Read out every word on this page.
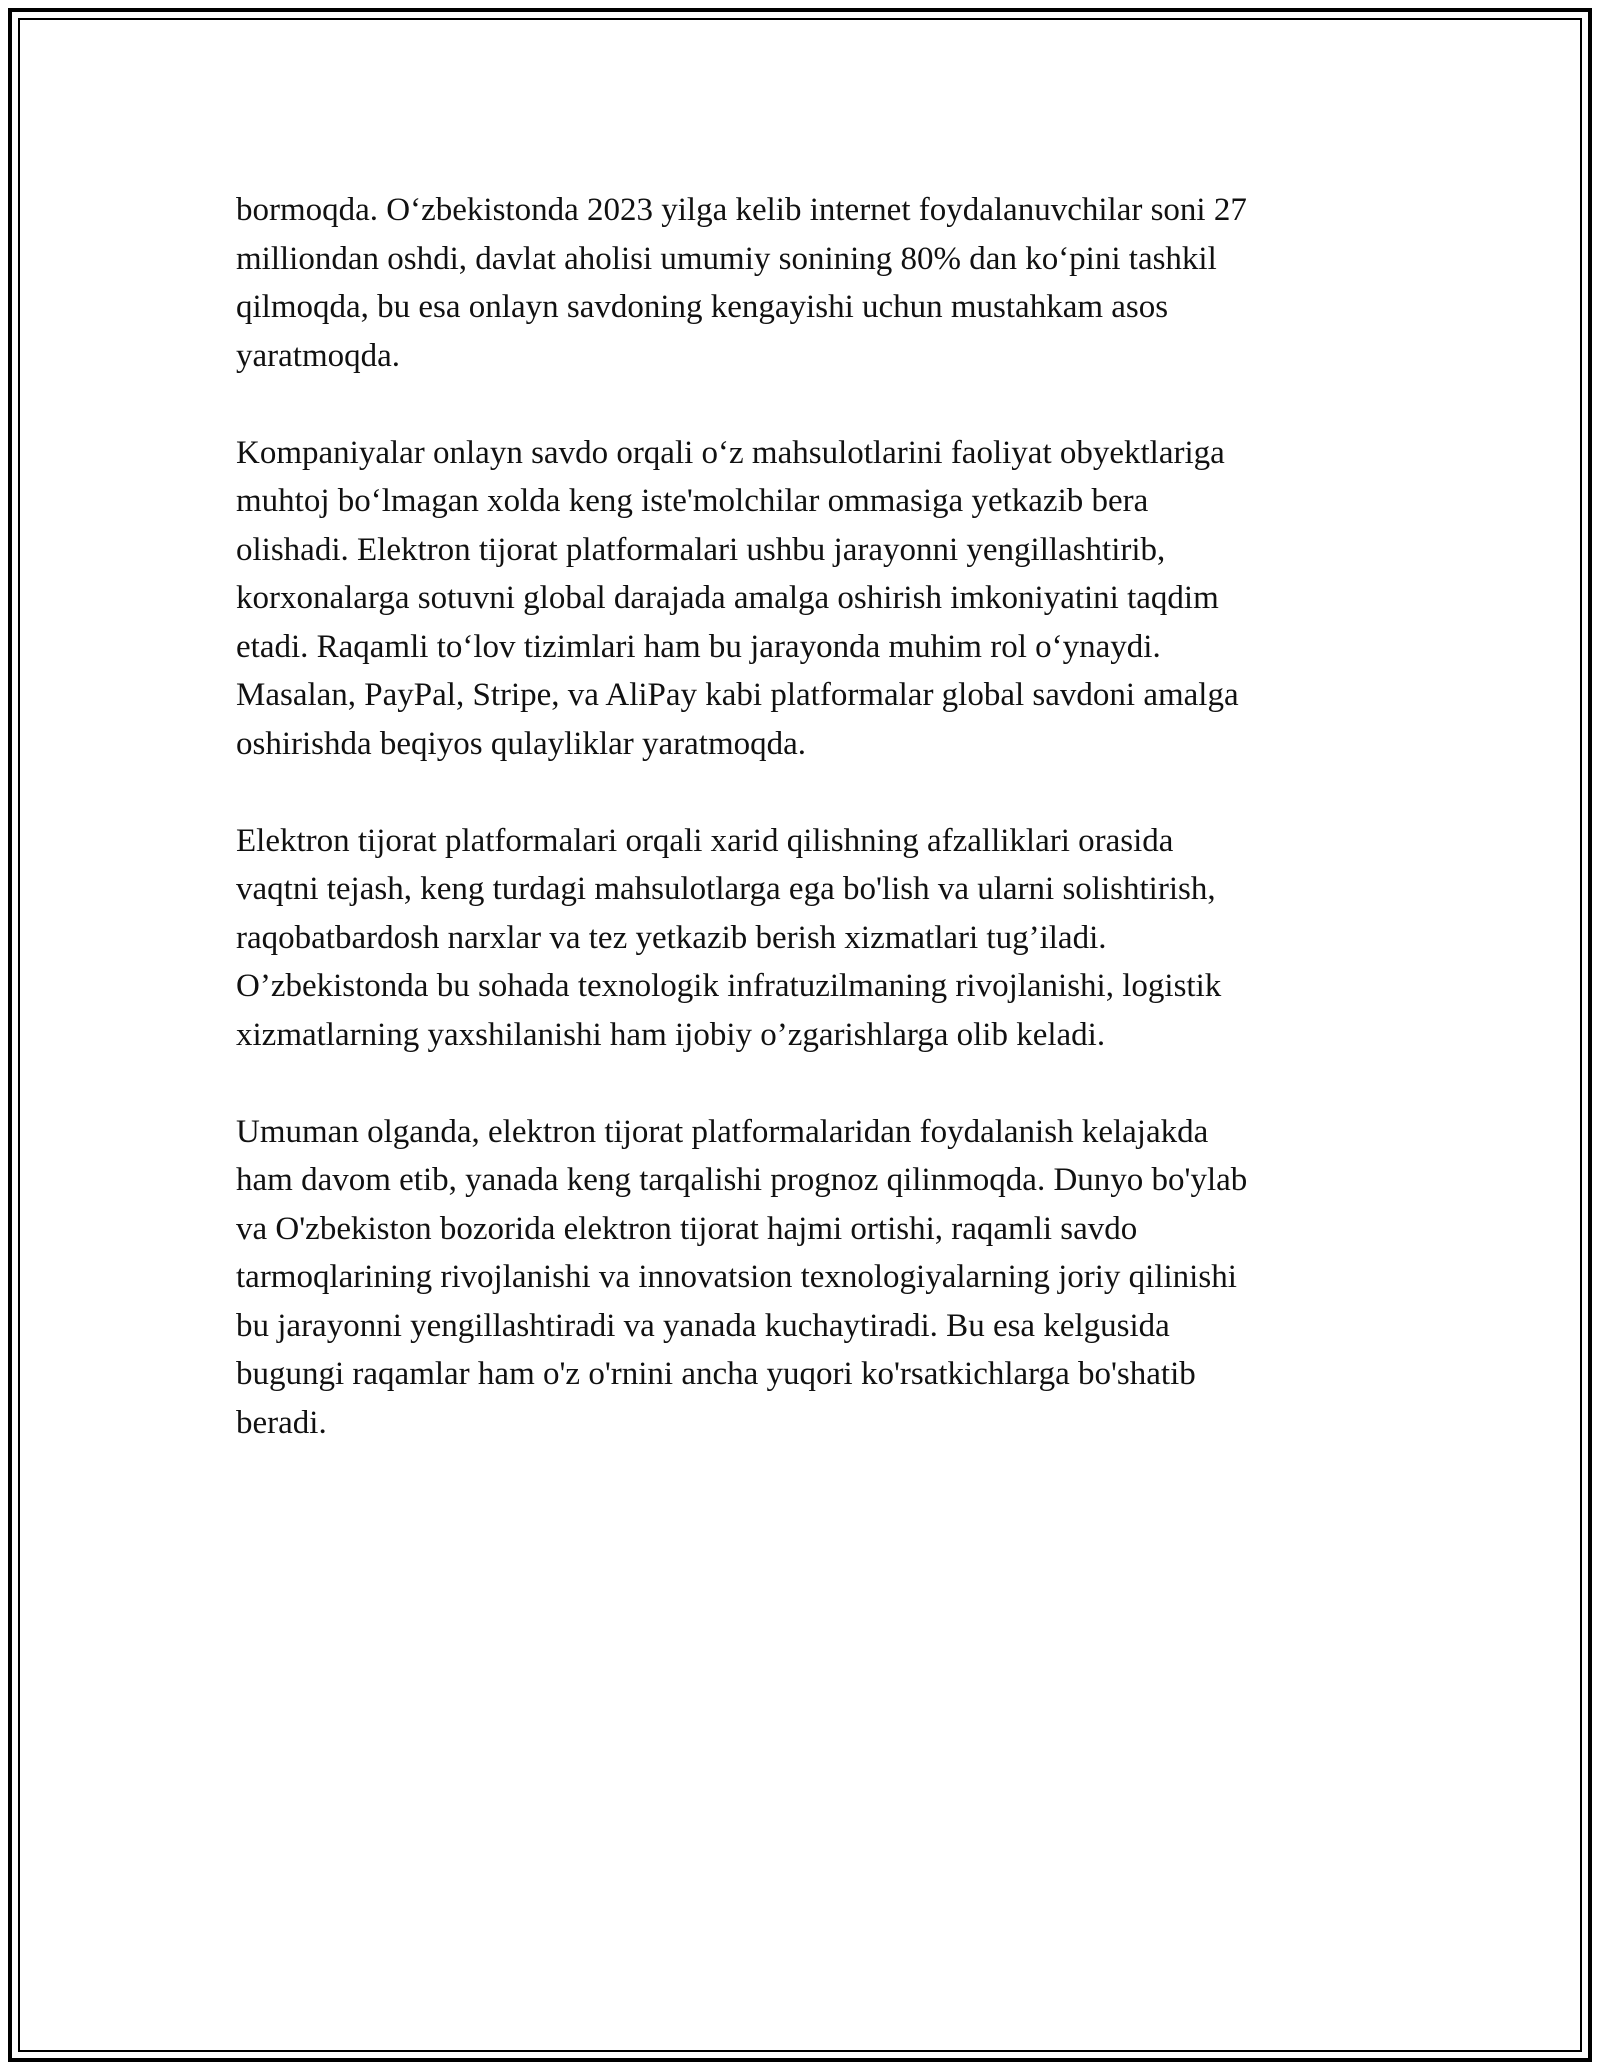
bormoqda. O‘zbekistonda 2023 yilga kelib internet foydalanuvchilar soni 27
milliondan oshdi, davlat aholisi umumiy sonining 80% dan ko‘pini tashkil
qilmoqda, bu esa onlayn savdoning kengayishi uchun mustahkam asos
yaratmoqda.

Kompaniyalar onlayn savdo orqali o‘z mahsulotlarini faoliyat obyektlariga
muhtoj bo‘lmagan xolda keng iste'molchilar ommasiga yetkazib bera
olishadi. Elektron tijorat platformalari ushbu jarayonni yengillashtirib,
korxonalarga sotuvni global darajada amalga oshirish imkoniyatini taqdim
etadi. Raqamli to‘lov tizimlari ham bu jarayonda muhim rol o‘ynaydi.
Masalan, PayPal, Stripe, va AliPay kabi platformalar global savdoni amalga
oshirishda beqiyos qulayliklar yaratmoqda.

Elektron tijorat platformalari orqali xarid qilishning afzalliklari orasida
vaqtni tejash, keng turdagi mahsulotlarga ega bo'lish va ularni solishtirish,
raqobatbardosh narxlar va tez yetkazib berish xizmatlari tug’iladi.
O’zbekistonda bu sohada texnologik infratuzilmaning rivojlanishi, logistik
xizmatlarning yaxshilanishi ham ijobiy o’zgarishlarga olib keladi.

Umuman olganda, elektron tijorat platformalaridan foydalanish kelajakda
ham davom etib, yanada keng tarqalishi prognoz qilinmoqda. Dunyo bo'ylab
va O'zbekiston bozorida elektron tijorat hajmi ortishi, raqamli savdo
tarmoqlarining rivojlanishi va innovatsion texnologiyalarning joriy qilinishi
bu jarayonni yengillashtiradi va yanada kuchaytiradi. Bu esa kelgusida
bugungi raqamlar ham o'z o'rnini ancha yuqori ko'rsatkichlarga bo'shatib
beradi.
